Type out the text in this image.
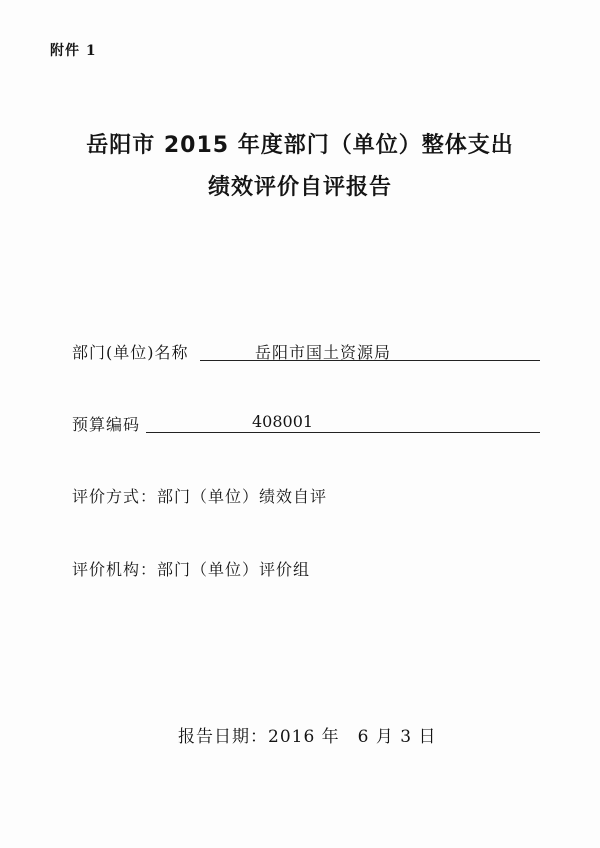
附件 1
岳阳市 2015 年度部门（单位）整体支出
绩效评价自评报告
部门(单位)名称	岳阳市国土资源局
预算编码	408001
评价方式：部门（单位）绩效自评
评价机构：部门（单位）评价组
报告日期：2016 年　6 月 3 日
